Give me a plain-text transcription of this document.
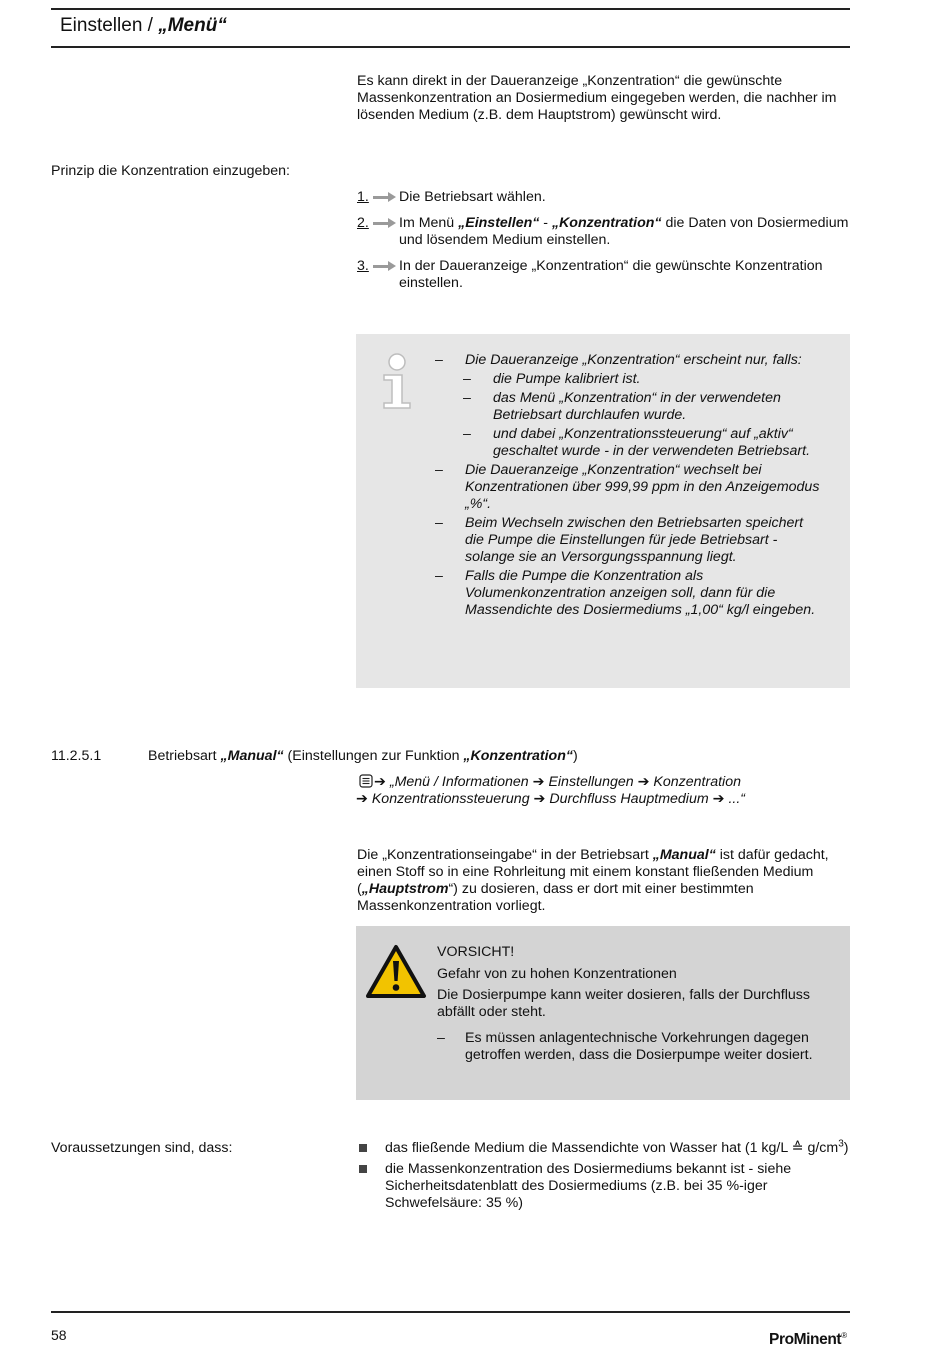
Einstellen / „Menü“
Es kann direkt in der Daueranzeige „Konzentration“ die gewünschte Massenkonzentration an Dosiermedium eingegeben werden, die nachher im lösenden Medium (z.B. dem Hauptstrom) gewünscht wird.
Prinzip die Konzentration einzugeben:
1. Die Betriebsart wählen.
2. Im Menü „Einstellen“ - „Konzentration“ die Daten von Dosiermedium und lösendem Medium einstellen.
3. In der Daueranzeige „Konzentration“ die gewünschte Konzentration einstellen.
– Die Daueranzeige „Konzentration“ erscheint nur, falls:
– die Pumpe kalibriert ist.
– das Menü „Konzentration“ in der verwendeten Betriebsart durchlaufen wurde.
– und dabei „Konzentrationssteuerung“ auf „aktiv“ geschaltet wurde - in der verwendeten Betriebsart.
– Die Daueranzeige „Konzentration“ wechselt bei Konzentrationen über 999,99 ppm in den Anzeigemodus „%“.
– Beim Wechseln zwischen den Betriebsarten speichert die Pumpe die Einstellungen für jede Betriebsart - solange sie an Versorgungsspannung liegt.
– Falls die Pumpe die Konzentration als Volumenkonzentration anzeigen soll, dann für die Massendichte des Dosiermediums „1,00“ kg/l eingeben.
11.2.5.1	Betriebsart „Manual“ (Einstellungen zur Funktion „Konzentration“)
➔ „Menü / Informationen ➔ Einstellungen ➔ Konzentration
➔ Konzentrationssteuerung ➔ Durchfluss Hauptmedium ➔ ...“
Die „Konzentrationseingabe“ in der Betriebsart „Manual“ ist dafür gedacht, einen Stoff so in eine Rohrleitung mit einem konstant fließenden Medium („Hauptstrom“) zu dosieren, dass er dort mit einer bestimmten Massenkonzentration vorliegt.
VORSICHT!
Gefahr von zu hohen Konzentrationen
Die Dosierpumpe kann weiter dosieren, falls der Durchfluss abfällt oder steht.
– Es müssen anlagentechnische Vorkehrungen dagegen getroffen werden, dass die Dosierpumpe weiter dosiert.
Voraussetzungen sind, dass:	das fließende Medium die Massendichte von Wasser hat (1 kg/L ≙ $g/cm^3$)
die Massenkonzentration des Dosiermediums bekannt ist - siehe Sicherheitsdatenblatt des Dosiermediums (z.B. bei 35 %-iger Schwefelsäure: 35 %)
58	ProMinent®
